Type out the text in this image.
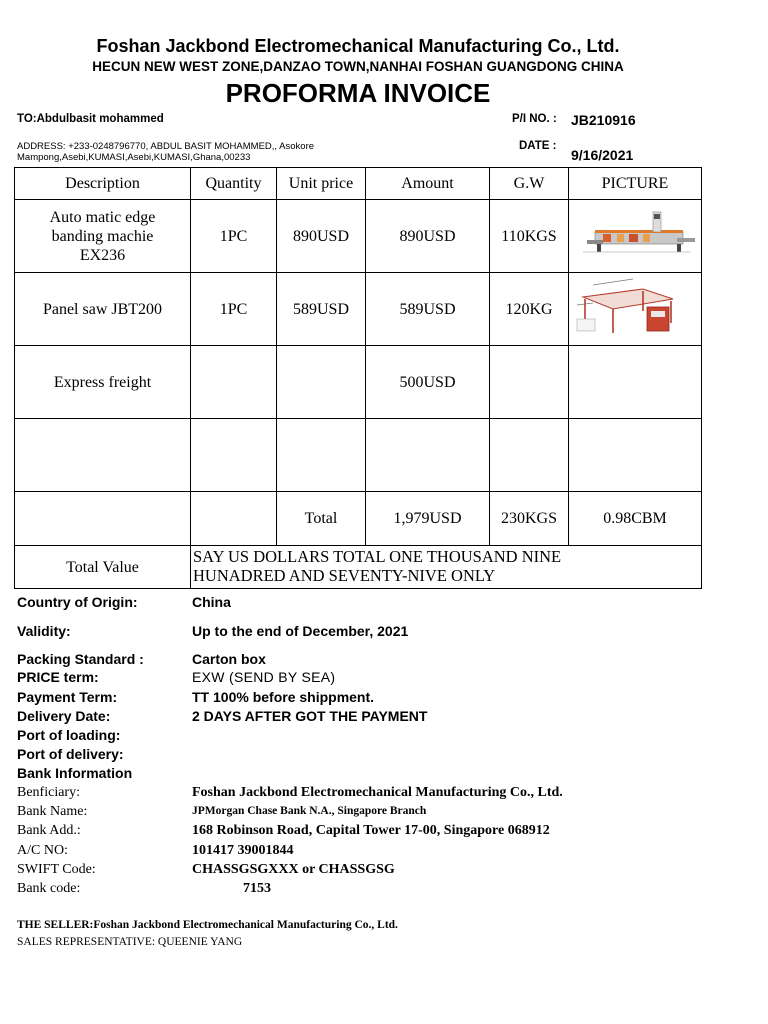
Foshan Jackbond Electromechanical Manufacturing Co., Ltd.
HECUN NEW WEST ZONE,DANZAO TOWN,NANHAI FOSHAN GUANGDONG CHINA
PROFORMA INVOICE
TO:Abdulbasit mohammed
ADDRESS: +233-0248796770, ABDUL BASIT MOHAMMED,, Asokore
Mampong,Asebi,KUMASI,Asebi,KUMASI,Ghana,00233
P/I NO. : JB210916
DATE :
9/16/2021
Description	Quantity	Unit price	Amount	G.W	PICTURE

Auto matic edge
banding machie
EX236	1PC	890USD	890USD	110KGS	

Panel saw JBT200	1PC	589USD	589USD	120KG	

Express freight			500USD		

		Total	1,979USD	230KGS	0.98CBM
Total Value	SAY US DOLLARS TOTAL ONE THOUSAND NINE
HUNADRED AND SEVENTY-NIVE ONLY				
Country of Origin:	China
Validity:	Up to the end of December, 2021
Packing Standard :	Carton box
PRICE term:	EXW (SEND BY SEA)
Payment Term:	TT 100% before shippment.
Delivery Date:	2 DAYS AFTER GOT THE PAYMENT
Port of loading:
Port of delivery:
Bank Information
Benficiary:	Foshan Jackbond Electromechanical Manufacturing Co., Ltd.
Bank Name:	JPMorgan Chase Bank N.A., Singapore Branch
Bank Add.:	168 Robinson Road, Capital Tower 17-00, Singapore 068912
A/C NO:	101417 39001844
SWIFT Code:	CHASSGSGXXX or CHASSGSG
Bank code:	7153
THE SELLER:Foshan Jackbond Electromechanical Manufacturing Co., Ltd.
SALES REPRESENTATIVE: QUEENIE YANG
